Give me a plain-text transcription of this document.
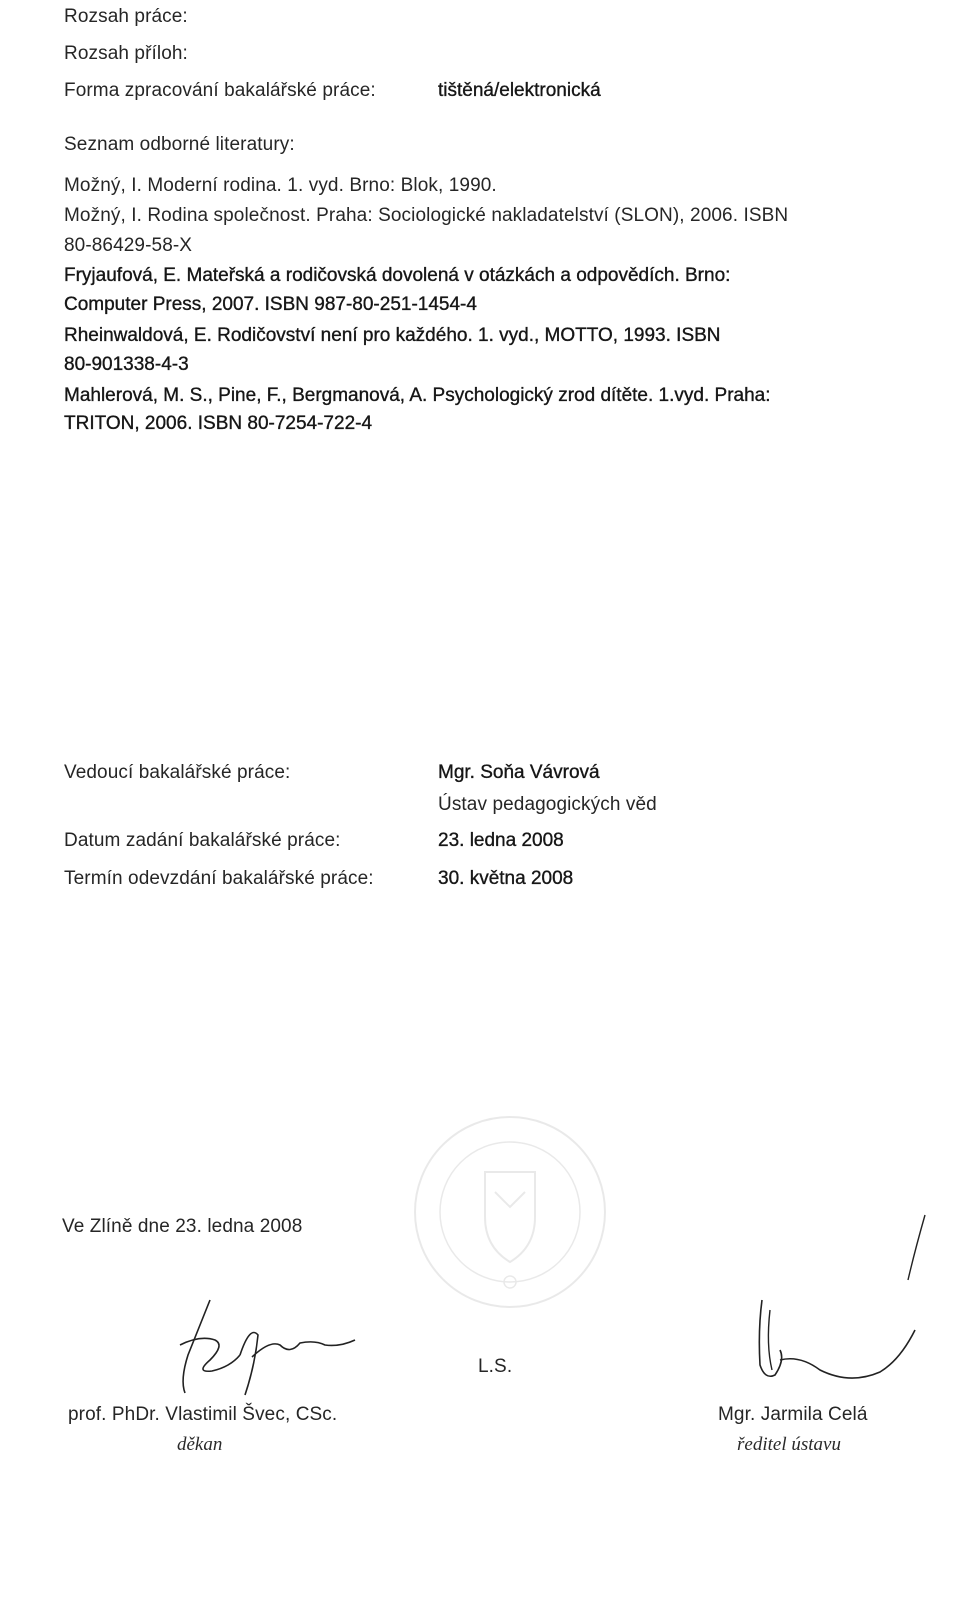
Rozsah práce:
Rozsah příloh:
Forma zpracování bakalářské práce:	tištěná/elektronická
Seznam odborné literatury:
Možný, I. Moderní rodina. 1. vyd. Brno: Blok, 1990.
Možný, I. Rodina společnost. Praha: Sociologické nakladatelství (SLON), 2006. ISBN
80-86429-58-X
Fryjaufová, E. Mateřská a rodičovská dovolená v otázkách a odpovědích. Brno:
Computer Press, 2007. ISBN 987-80-251-1454-4
Rheinwaldová, E. Rodičovství není pro každého. 1. vyd., MOTTO, 1993. ISBN
80-901338-4-3
Mahlerová, M. S., Pine, F., Bergmanová, A. Psychologický zrod dítěte. 1.vyd. Praha:
TRITON, 2006. ISBN 80-7254-722-4
Vedoucí bakalářské práce:	Mgr. Soňa Vávrová
Ústav pedagogických věd
Datum zadání bakalářské práce:	23. ledna 2008
Termín odevzdání bakalářské práce:	30. května 2008
Ve Zlíně dne 23. ledna 2008
L.S.
prof. PhDr. Vlastimil Švec, CSc.
děkan
Mgr. Jarmila Celá
ředitel ústavu
